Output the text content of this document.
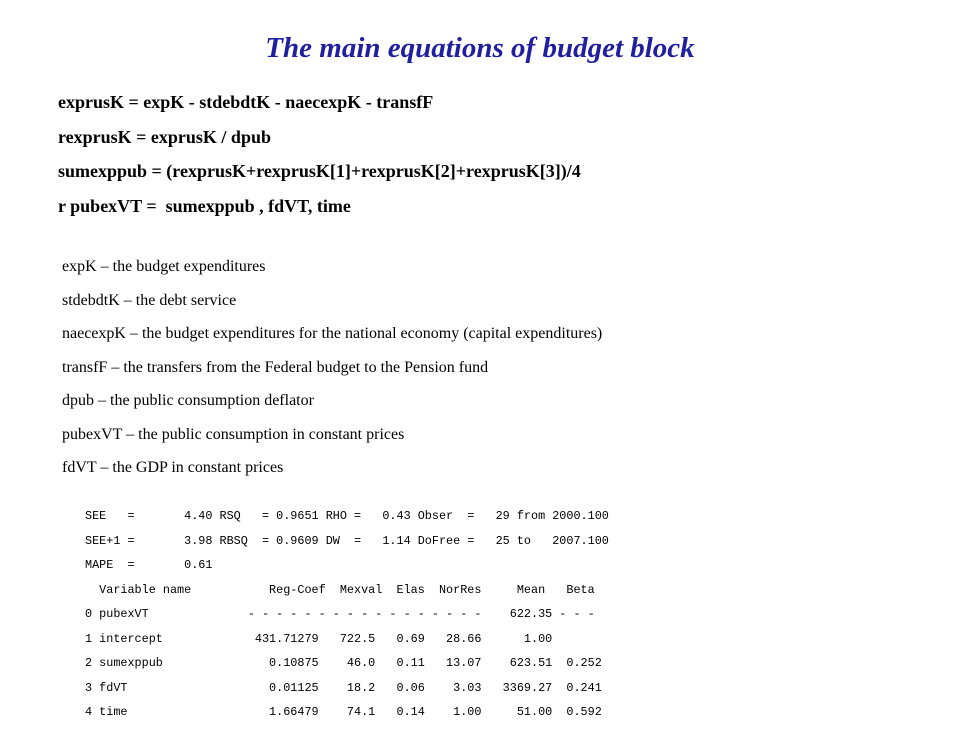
The main equations of budget block
exprusK = expK - stdebdtK - naecexpK - transfF
rexprusK = exprusK / dpub
sumexppub = (rexprusK+rexprusK[1]+rexprusK[2]+rexprusK[3])/4
r pubexVT =  sumexppub , fdVT, time
expK – the budget expenditures
stdebdtK – the debt service
naecexpK – the budget expenditures for the national economy (capital expenditures)
transfF – the transfers from the Federal budget to the Pension fund
dpub – the public consumption deflator
pubexVT – the public consumption in constant prices
fdVT – the GDP in constant prices
SEE   =       4.40 RSQ   = 0.9651 RHO =   0.43 Obser  =   29 from 2000.100
SEE+1 =       3.98 RBSQ  = 0.9609 DW  =   1.14 DoFree =   25 to   2007.100
MAPE  =       0.61
Variable name           Reg-Coef  Mexval  Elas  NorRes     Mean   Beta
0 pubexVT              - - - - - - - - - - - - - - - - -    622.35 - - -
1 intercept             431.71279   722.5   0.69   28.66      1.00
2 sumexppub               0.10875    46.0   0.11   13.07    623.51  0.252
3 fdVT                    0.01125    18.2   0.06    3.03   3369.27  0.241
4 time                    1.66479    74.1   0.14    1.00     51.00  0.592
